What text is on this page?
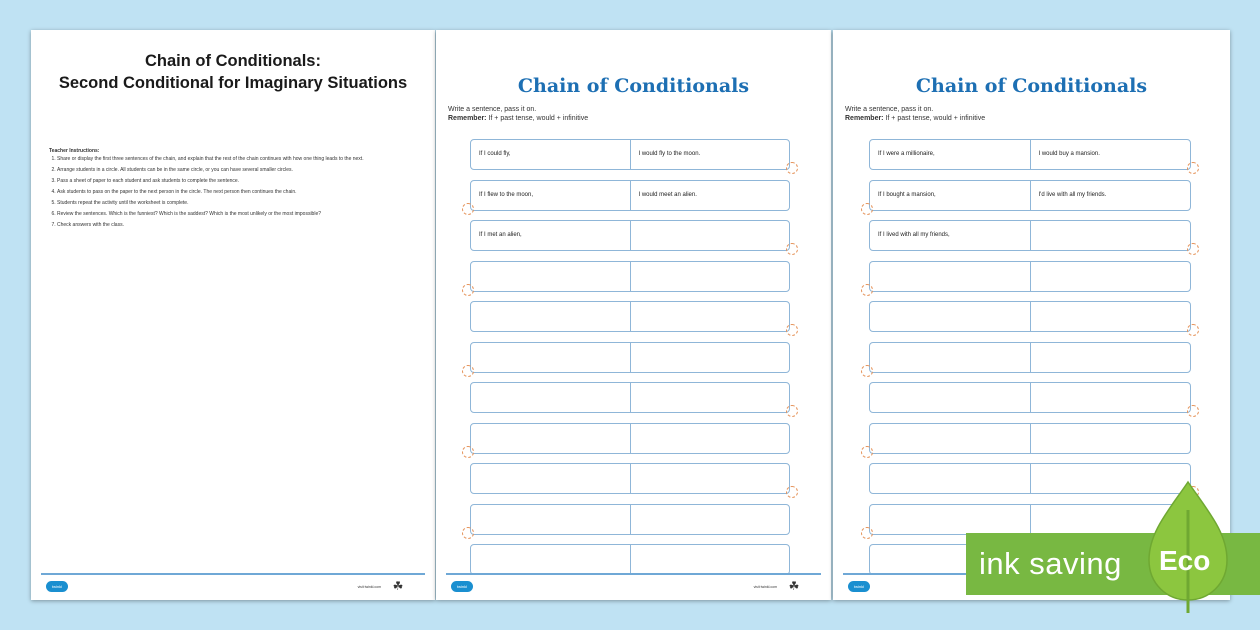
Chain of Conditionals:
Second Conditional for Imaginary Situations
Teacher Instructions:
1. Share or display the first three sentences of the chain, and explain that the rest of the chain continues with how one thing leads to the next.
2. Arrange students in a circle. All students can be in the same circle, or you can have several smaller circles.
3. Pass a sheet of paper to each student and ask students to complete the sentence.
4. Ask students to pass on the paper to the next person in the circle. The next person then continues the chain.
5. Students repeat the activity until the worksheet is complete.
6. Review the sentences. Which is the funniest? Which is the saddest? Which is the most unlikely or the most impossible?
7. Check answers with the class.
twinkl	visit twinkl.com ☘
Chain of Conditionals
Write a sentence, pass it on.
Remember: If + past tense, would + infinitive
If I could fly,	I would fly to the moon.
If I flew to the moon,	I would meet an alien.
If I met an alien,
twinkl	visit twinkl.com ☘
Chain of Conditionals
Write a sentence, pass it on.
Remember: If + past tense, would + infinitive
If I were a millionaire,	I would buy a mansion.
If I bought a mansion,	I'd live with all my friends.
If I lived with all my friends,
twinkl
ink saving Eco
